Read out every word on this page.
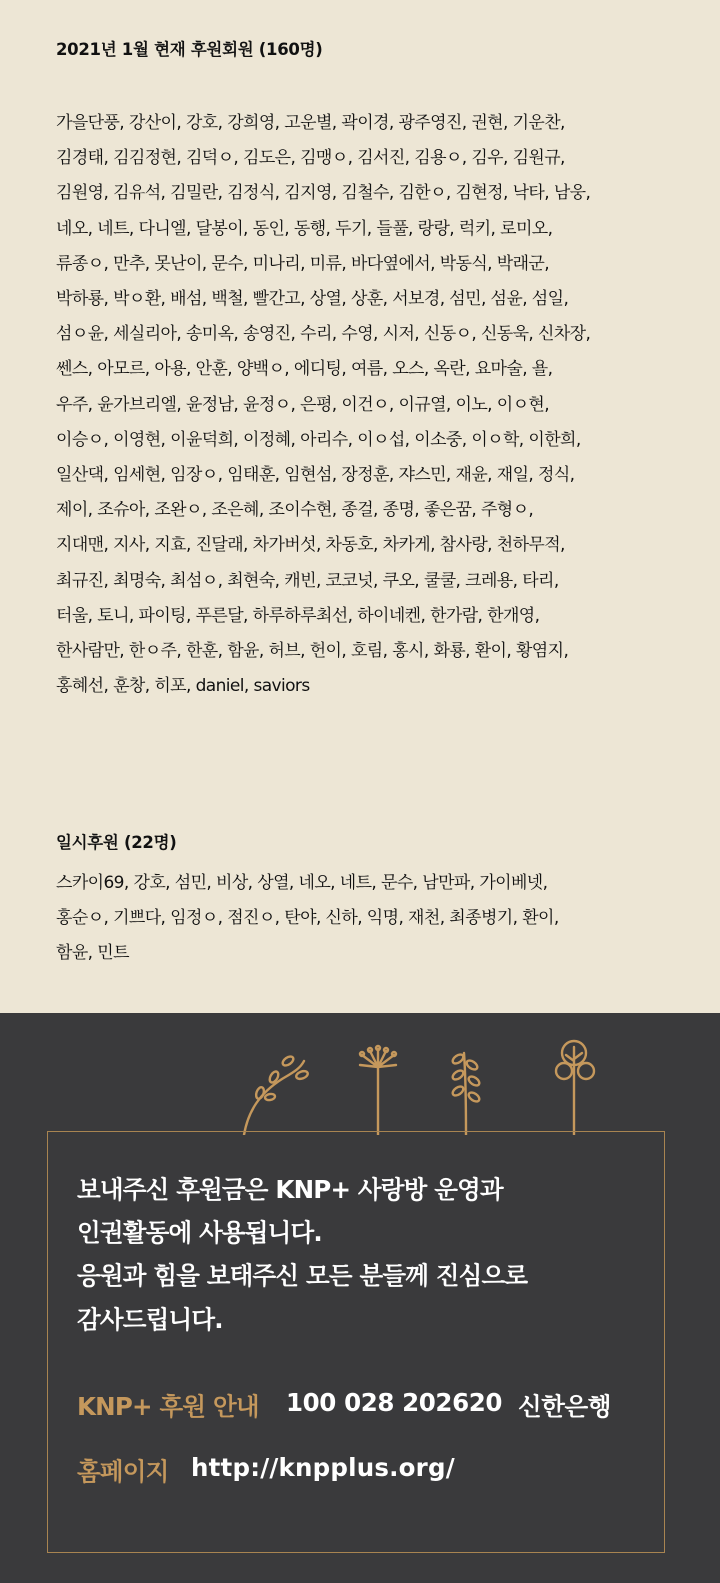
2021년 1월 현재 후원회원 (160명)
가을단풍, 강산이, 강호, 강희영, 고운별, 곽이경, 광주영진, 권현, 기운찬,
김경태, 김김정현, 김덕ㅇ, 김도은, 김맹ㅇ, 김서진, 김용ㅇ, 김우, 김원규,
김원영, 김유석, 김밀란, 김정식, 김지영, 김철수, 김한ㅇ, 김현정, 낙타, 남웅,
네오, 네트, 다니엘, 달봉이, 동인, 동행, 두기, 들풀, 랑랑, 럭키, 로미오,
류종ㅇ, 만추, 못난이, 문수, 미나리, 미류, 바다옆에서, 박동식, 박래군,
박하룡, 박ㅇ환, 배섬, 백철, 빨간고, 상열, 상훈, 서보경, 섬민, 섬윤, 섬일,
섬ㅇ윤, 세실리아, 송미옥, 송영진, 수리, 수영, 시저, 신동ㅇ, 신동욱, 신차장,
쎈스, 아모르, 아용, 안훈, 양백ㅇ, 에디팅, 여름, 오스, 옥란, 요마술, 욜,
우주, 윤가브리엘, 윤정남, 윤정ㅇ, 은평, 이건ㅇ, 이규열, 이노, 이ㅇ현,
이승ㅇ, 이영현, 이윤덕희, 이정혜, 아리수, 이ㅇ섭, 이소중, 이ㅇ학, 이한희,
일산댁, 임세현, 임장ㅇ, 임태훈, 임현섬, 장정훈, 쟈스민, 재윤, 재일, 정식,
제이, 조슈아, 조완ㅇ, 조은혜, 조이수현, 종걸, 종명, 좋은꿈, 주형ㅇ,
지대맨, 지사, 지효, 진달래, 차가버섯, 차동호, 차카게, 참사랑, 천하무적,
최규진, 최명숙, 최섬ㅇ, 최현숙, 캐빈, 코코넛, 쿠오, 쿨쿨, 크레용, 타리,
터울, 토니, 파이팅, 푸른달, 하루하루최선, 하이네켄, 한가람, 한개영,
한사람만, 한ㅇ주, 한훈, 함윤, 허브, 헌이, 호림, 홍시, 화룡, 환이, 황염지,
홍혜선, 훈창, 히포, daniel, saviors
일시후원 (22명)
스카이69, 강호, 섬민, 비상, 상열, 네오, 네트, 문수, 남만파, 가이베넷,
홍순ㅇ, 기쁘다, 임정ㅇ, 점진ㅇ, 탄야, 신하, 익명, 재천, 최종병기, 환이,
함윤, 민트
보내주신 후원금은 KNP+ 사랑방 운영과
인권활동에 사용됩니다.
응원과 힘을 보태주신 모든 분들께 진심으로
감사드립니다.
KNP+ 후원 안내 100 028 202620 신한은행
홈페이지 http://knpplus.org/
